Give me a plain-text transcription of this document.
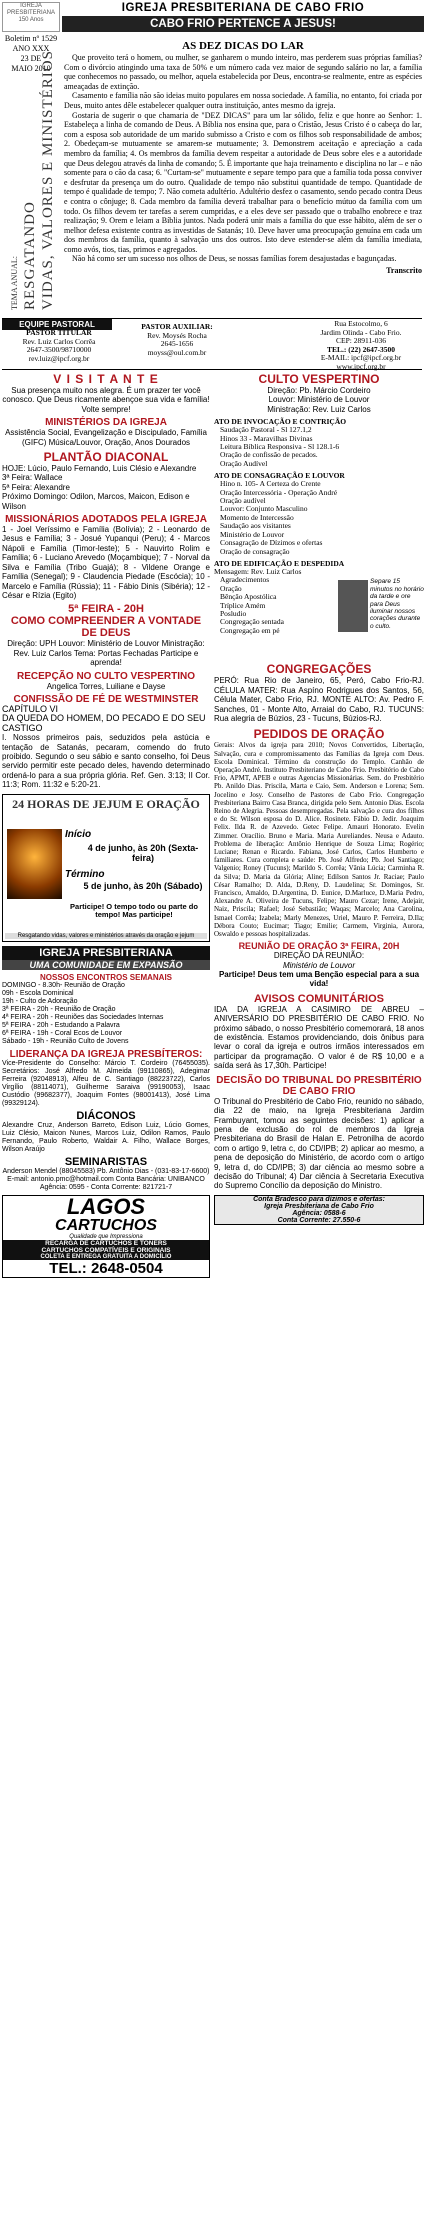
IGREJA PRESBITERIANA 150 Anos
Boletim nº 1529
ANO XXX
23 DE
MAIO 2010
IGREJA PRESBITERIANA DE CABO FRIO
CABO FRIO PERTENCE A JESUS!
TEMA ANUAL: RESGATANDO VIDAS, VALORES E MINISTÉRIOS
AS DEZ DICAS DO LAR

Que proveito terá o homem, ou mulher, se ganharem o mundo inteiro, mas perderem suas próprias famílias? Com o divórcio atingindo uma taxa de 50% e um número cada vez maior de segundo salário no lar, a família que conhecemos no passado, ou melhor, aquela estabelecida por Deus, encontra-se realmente, entre as espécies ameaçadas de extinção.

Casamento e família não são ideias muito populares em nossa sociedade. A família, no entanto, foi criada por Deus, muito antes dêle estabelecer qualquer outra instituição, antes mesmo da igreja.

Gostaria de sugerir o que chamaria de "DEZ DICAS" para um lar sólido, feliz e que honre ao Senhor: 1. Estabeleça a linha de comando de Deus. A Bíblia nos ensina que, para o Cristão, Jesus Cristo é o cabeça do lar, com a esposa sob autoridade de um marido submisso a Cristo e com os filhos sob responsabilidade de ambos; 2. Obedeçam-se mutuamente se amarem-se mutuamente; 3. Demonstrem aceitação e apreciação a cada membro da família; 4. Os membros da família devem respeitar a autoridade de Deus sobre eles e a autoridade que Deus delegou através da linha de comando; 5. É importante que haja treinamento e disciplina no lar – e não somente para o cão da casa; 6. "Curtam-se" mutuamente e separe tempo para que a família toda possa conviver e desfrutar da presença um do outro. Qualidade de tempo não substitui quantidade de tempo. Quantidade de tempo é qualidade de tempo; 7. Não cometa adultério. Adultério desfez o casamento, sendo pecado contra Deus e contra o cônjuge; 8. Cada membro da família deverá trabalhar para o benefício mútuo da família com um todo. Os filhos devem ter tarefas a serem cumpridas, e a eles deve ser passado que o trabalho enobrece e traz realização; 9. Orem e leiam a Bíblia juntos. Nada poderá unir mais a família do que esse hábito, além de ser o melhor defesa existente contra as investidas de Satanás; 10. Deve haver uma preocupação genuína em cada um dos membros da família, quanto à salvação uns dos outros. Isto deve estender-se além da família imediata, como avós, tios, tias, primos e agregados.

Não há como ser um sucesso nos olhos de Deus, se nossas famílias forem desajustadas e bagunçadas.

Transcrito
EQUIPE PASTORAL
PASTOR TITULAR
Rev. Luiz Carlos Corrêa
2647-3500/98710000
rev.luiz@ipcf.org.br
PASTOR AUXILIAR:
Rev. Moysés Rocha
2645-1656
moyss@oul.com.br
Rua Estocolmo, 6
Jardim Olinda - Cabo Frio.
CEP: 28911-036
TEL.: (22) 2647-3500
E-MAIL: ipcf@ipcf.org.br
www.ipcf.org.br
V I S I T A N T E
Sua presença muito nos alegra. É um prazer ter você conosco. Que Deus ricamente abençoe sua vida e família! Volte sempre!
MINISTÉRIOS DA IGREJA
Assistência Social, Evangelização e Discipulado, Família (GIFC) Música/Louvor, Oração, Anos Dourados
PLANTÃO DIACONAL
HOJE: Lúcio, Paulo Fernando, Luis Clésio e Alexandre
3ª Feira: Wallace
5ª Feira: Alexandre
Próximo Domingo: Odilon, Marcos, Maicon, Edison e Wilson
MISSIONÁRIOS ADOTADOS PELA IGREJA
1 - Joel Veríssimo e Família (Bolívia); 2 - Leonardo de Jesus e Família; 3 - Josué Yupanqui (Peru); 4 - Marcos Nápoli e Família (Timor-leste); 5 - Nauvirto Rolim e Família; 6 - Luciano Arevedo (Moçambique); 7 - Norval da Silva e Família (Tribo Guajá); 8 - Vildene Orange e Família (Senegal); 9 - Claudencia Piedade (Escócia); 10 - Marcelo e Família (Rússia); 11 - Fábio Dinis (Sibéria); 12 - César e Rízia (Egito)
5ª FEIRA - 20H
COMO COMPREENDER A VONTADE DE DEUS
Direção: UPH Louvor: Ministério de Louvor Ministração: Rev. Luiz Carlos Tema: Portas Fechadas Participe e aprenda!
RECEPÇÃO NO CULTO VESPERTINO
Angelica Torres, Luiliane e Dayse
CONFISSÃO DE FÉ DE WESTMINSTER
CAPÍTULO VI
DA QUEDA DO HOMEM, DO PECADO E DO SEU CASTIGO
I. Nossos primeiros pais, seduzidos pela astúcia e tentação de Satanás, pecaram, comendo do fruto proibido. Segundo o seu sábio e santo conselho, foi Deus servido permitir este pecado deles, havendo determinado ordená-lo para a sua própria glória. Ref. Gen. 3:13; II Cor. 11:3; Rom. 11:32 e 5:20-21.
24 HORAS DE JEJUM E ORAÇÃO
Início
4 de junho, às 20h (Sexta-feira)
Término
5 de junho, às 20h (Sábado)
Participe! O tempo todo ou parte do tempo! Mas participe!
Resgatando vidas, valores e ministérios através da oração e jejum
IGREJA PRESBITERIANA
UMA COMUNIDADE EM EXPANSÃO
NOSSOS ENCONTROS SEMANAIS
DOMINGO - 8.30h- Reunião de Oração
09h - Escola Dominical
19h - Culto de Adoração
3ª FEIRA - 20h - Reunião de Oração
4ª FEIRA - 20h - Reuniões das Sociedades Internas
5ª FEIRA - 20h - Estudando a Palavra
6ª FEIRA - 19h - Coral Ecos de Louvor
Sábado - 19h - Reunião Culto de Jovens
LIDERANÇA DA IGREJA PRESBÍTEROS:
Vice-Presidente do Conselho: Márcio T. Cordeiro (76455035). Secretários: José Alfredo M. Almeida (99110865), Adegimar Ferreira (92048913), Alfeu de C. Santiago (88223722), Carlos Virgílio (88114071), Guilherme Saraiva (99190053), Isaac Custódio (99682377), Joaquim Fontes (98001413), José Lima (99329124).
DIÁCONOS
Alexandre Cruz, Anderson Barreto, Edison Luiz, Lúcio Gomes, Luiz Clésio, Maicon Nunes, Marcos Luiz, Odilon Ramos, Paulo Fernando, Paulo Roberto, Waldair A. Filho, Wallace Borges, Wilson Araújo
SEMINARISTAS
Anderson Mendel (88045583) Pb. Antônio Dias - (031-83-17-6600) E-mail: antonio.pmc@hotmail.com Conta Bancária: UNIBANCO Agência: 0595 - Conta Corrente: 821721-7
LAGOS
CARTUCHOS
Qualidade que Impressiona
RECARGA DE CARTUCHOS E TONERS
CARTUCHOS COMPATÍVEIS E ORIGINAIS
COLETA E ENTREGA GRATUITA A DOMICÍLIO
TEL.: 2648-0504
CULTO VESPERTINO
Direção: Pb. Márcio Cordeiro
Louvor: Ministério de Louvor
Ministração: Rev. Luiz Carlos
ATO DE INVOCAÇÃO E CONTRIÇÃO
Saudação Pastoral - Sl 127.1,2
Hinos 33 - Maravilhas Divinas
Leitura Bíblica Responsiva - Sl 128.1-6
Oração de confissão de pecados.
Oração Audível
ATO DE CONSAGRAÇÃO E LOUVOR
Hino n. 105- A Certeza do Crente
Oração Intercessória - Operação André
Oração audível
Louvor: Conjunto Masculino
Momento de Intercessão
Saudação aos visitantes
Ministério de Louvor
Consagração de Dízimos e ofertas
Oração de consagração
ATO DE EDIFICAÇÃO E DESPEDIDA
Mensagem: Rev. Luiz Carlos
Agradecimentos
Oração
Bênção Apostólica
Tríplice Amém
Posludio
Congregação sentada
Congregação em pé
Separe 15 minutos no horário da tarde e ore para Deus iluminar nossos corações durante o culto.
CONGREGAÇÕES
PERÓ: Rua Rio de Janeiro, 65, Peró, Cabo Frio-RJ. CÉLULA MATER: Rua Aspíno Rodrigues dos Santos, 56, Célula Mater, Cabo Frio, RJ. MONTE ALTO: Av. Pedro F. Sanches, 01 - Monte Alto, Arraial do Cabo, RJ. TUCUNS: Rua alegria de Búzios, 23 - Tucuns, Búzios-RJ.
PEDIDOS DE ORAÇÃO
Gerais: Alvos da igreja para 2010; Novos Convertidos, Libertação, Salvação, cura e compromissamento das Famílias da Igreja com Deus. Escola Dominical. Término da construção do Templo. Canhão de Operação André. Instituto Presbiteriano de Cabo Frio. Presbitério de Cabo Frio, APMT, APEB e outras Agencias Missionárias. Sem. do Presbitério Pb. Anildo Dias. Priscila, Marta e Caio, Sem. Anderson e Lorena; Sem. Jocelino e Josy. Conselho de Pastores de Cabo Frio. Congregação Presbiteriana Bairro Casa Branca, dirigida pelo Sem. Antonio Dias. Escola Reino de Alegria. Pessoas desempregadas. Pela salvação e cura dos filhos e do Sr. Wilson esposa do D. Alice. Rosinete. Fábio D. Jedir. Joaquim Felix. Ilda R. de Azevedo. Getec Felipe. Amauri Honorato. Evelin Zimmer. Oracílio. Bruno e Maria. Maria Aureliandes. Neusa e Adauto. Problema de liberação: Antônio Henrique de Souza Lima; Rogério; Luciane; Renan e Ricardo. Fabiana, José Carlos, Carlos Humberto e familiares. Cura completa e saúde: Pb. José Alfredo; Pb. Joel Santiago; Valgenio; Roney (Tucuns); Marildo S. Corrêa; Vânia Lúcia; Carminha R. da Silva; D. Maria da Glória; Aline; Edilson Santos Jr. Raciae; Paulo César Ramalho; D. Alda, D.Reny, D. Laudelina; Sr. Domingos, Sr. Francisco, Amaldo, D.Argentina, D. Eunice, D.Marluce, D.Maria Pedro, Alexandre A. Oliveira de Tucuns, Felipe; Mauro Cezar; Irene, Adejair, Naiz, Priscila; Rafael; José Sebastião; Waqas; Marcelo; Ana Carolina, Ismael Corrêa; Izabela; Marly Menezes, Uriel, Mauro P. Ferreira, D.Ila; Débora Couto; Eucimar; Tiago; Emilie; Carmem, Virginia, Aurora, Oswaldo e pessoas hospitalizadas.
REUNIÃO DE ORAÇÃO 3ª FEIRA, 20H
DIREÇÃO DA REUNIÃO:
Ministério de Louvor
Participe! Deus tem uma Benção especial para a sua vida!
AVISOS COMUNITÁRIOS
IDA DA IGREJA A CASIMIRO DE ABREU – ANIVERSÁRIO DO PRESBITÉRIO DE CABO FRIO. No próximo sábado, o nosso Presbitério comemorará, 18 anos de existência. Estamos providenciando, dois ônibus para levar o coral da igreja e outros irmãos interessados em participar da programação. O valor é de R$ 10,00 e a saída será às 17,30h. Participe!
DECISÃO DO TRIBUNAL DO PRESBITÉRIO DE CABO FRIO
O Tribunal do Presbitério de Cabo Frio, reunido no sábado, dia 22 de maio, na Igreja Presbiteriana Jardim Frambuyant, tomou as seguintes decisões: 1) aplicar a pena de exclusão do rol de membros da Igreja Presbiteriana do Brasil de Halan E. Petronilha de acordo com o artigo 9, letra c, do CD/IPB; 2) aplicar ao mesmo, a pena de deposição do Ministério, de acordo com o artigo 9, letra d, do CD/IPB; 3) dar ciência ao mesmo sobre a decisão do Tribunal; 4) Dar ciência à Secretaria Executiva do Supremo Concílio da deposição do Ministro.
Conta Bradesco para dízimos e ofertas:
Igreja Presbiteriana de Cabo Frio
Agência: 0588-6
Conta Corrente: 27.550-6
